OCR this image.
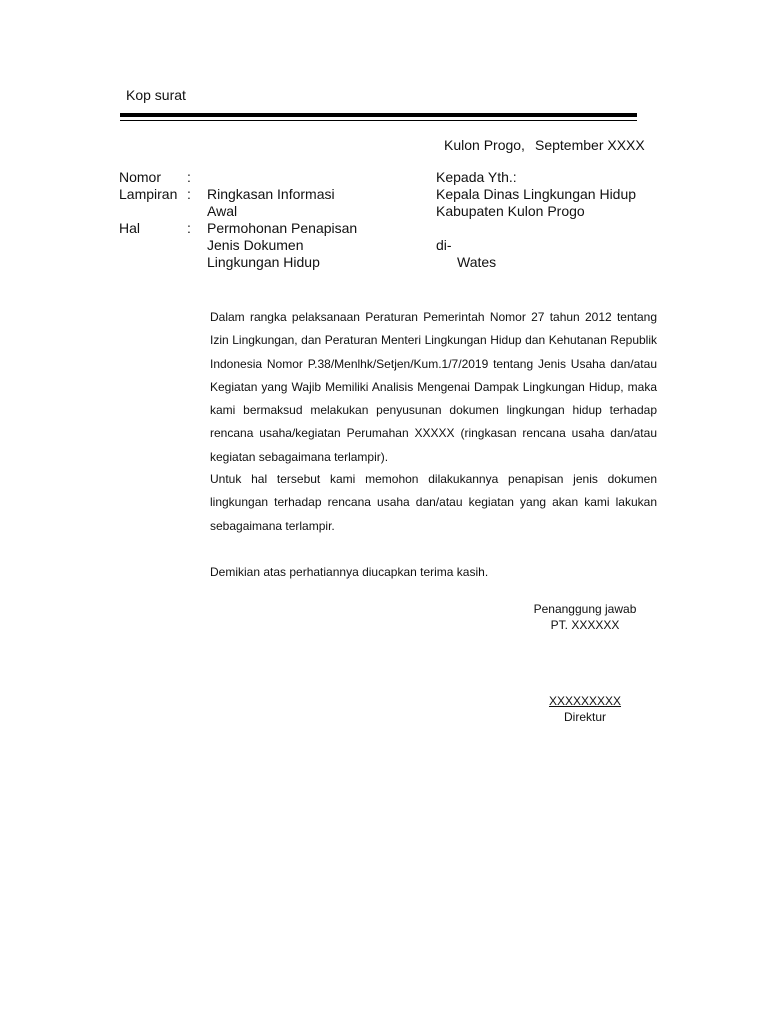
Kop surat
Kulon Progo, September XXXX
Nomor :
Lampiran : Ringkasan Informasi
Awal
Hal	: Permohonan Penapisan
Jenis Dokumen
Lingkungan Hidup
Kepada Yth.:
Kepala Dinas Lingkungan Hidup
Kabupaten Kulon Progo
di-
Wates

Dalam rangka pelaksanaan Peraturan Pemerintah Nomor 27 tahun 2012 tentang Izin Lingkungan, dan Peraturan Menteri Lingkungan Hidup dan Kehutanan Republik Indonesia Nomor P.38/Menlhk/Setjen/Kum.1/7/2019 tentang Jenis Usaha dan/atau Kegiatan yang Wajib Memiliki Analisis Mengenai Dampak Lingkungan Hidup, maka kami bermaksud melakukan penyusunan dokumen lingkungan hidup terhadap rencana usaha/kegiatan Perumahan XXXXX (ringkasan rencana usaha dan/atau kegiatan sebagaimana terlampir).

Untuk hal tersebut kami memohon dilakukannya penapisan jenis dokumen lingkungan terhadap rencana usaha dan/atau kegiatan yang akan kami lakukan sebagaimana terlampir.

Demikian atas perhatiannya diucapkan terima kasih.

Penanggung jawab
PT. XXXXXX
XXXXXXXXX
Direktur
